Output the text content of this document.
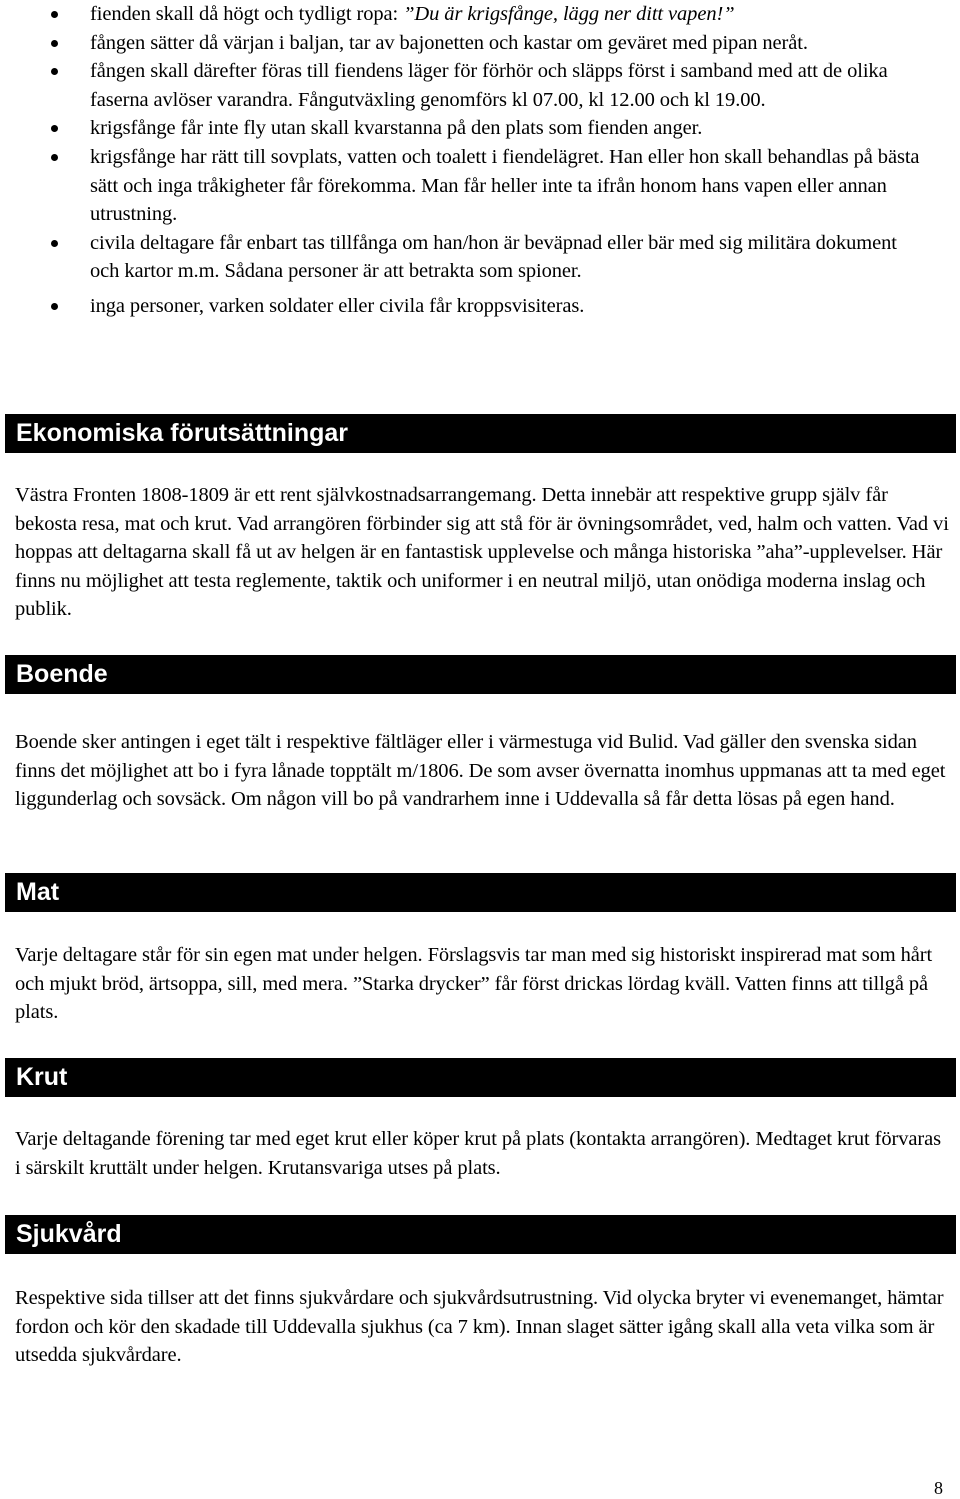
fienden skall då högt och tydligt ropa: ”Du är krigsfånge, lägg ner ditt vapen!”
fången sätter då värjan i baljan, tar av bajonetten och kastar om geväret med pipan neråt.
fången skall därefter föras till fiendens läger för förhör och släpps först i samband med att de olika faserna avlöser varandra. Fångutväxling genomförs kl 07.00, kl 12.00 och kl 19.00.
krigsfånge får inte fly utan skall kvarstanna på den plats som fienden anger.
krigsfånge har rätt till sovplats, vatten och toalett i fiendelägret. Han eller hon skall behandlas på bästa sätt och inga tråkigheter får förekomma. Man får heller inte ta ifrån honom hans vapen eller annan utrustning.
civila deltagare får enbart tas tillfånga om han/hon är beväpnad eller bär med sig militära dokument och kartor m.m. Sådana personer är att betrakta som spioner.
inga personer, varken soldater eller civila får kroppsvisiteras.
Ekonomiska förutsättningar

Västra Fronten 1808-1809 är ett rent självkostnadsarrangemang. Detta innebär att respektive grupp själv får bekosta resa, mat och krut. Vad arrangören förbinder sig att stå för är övningsområdet, ved, halm och vatten. Vad vi hoppas att deltagarna skall få ut av helgen är en fantastisk upplevelse och många historiska ”aha”-upplevelser. Här finns nu möjlighet att testa reglemente, taktik och uniformer i en neutral miljö, utan onödiga moderna inslag och publik.

Boende

Boende sker antingen i eget tält i respektive fältläger eller i värmestuga vid Bulid. Vad gäller den svenska sidan finns det möjlighet att bo i fyra lånade topptält m/1806. De som avser övernatta inomhus uppmanas att ta med eget liggunderlag och sovsäck. Om någon vill bo på vandrarhem inne i Uddevalla så får detta lösas på egen hand.

Mat

Varje deltagare står för sin egen mat under helgen. Förslagsvis tar man med sig historiskt inspirerad mat som hårt och mjukt bröd, ärtsoppa, sill, med mera. ”Starka drycker” får först drickas lördag kväll. Vatten finns att tillgå på plats.

Krut

Varje deltagande förening tar med eget krut eller köper krut på plats (kontakta arrangören). Medtaget krut förvaras i särskilt kruttält under helgen. Krutansvariga utses på plats.

Sjukvård

Respektive sida tillser att det finns sjukvårdare och sjukvårdsutrustning. Vid olycka bryter vi evenemanget, hämtar fordon och kör den skadade till Uddevalla sjukhus (ca 7 km). Innan slaget sätter igång skall alla veta vilka som är utsedda sjukvårdare.

8
